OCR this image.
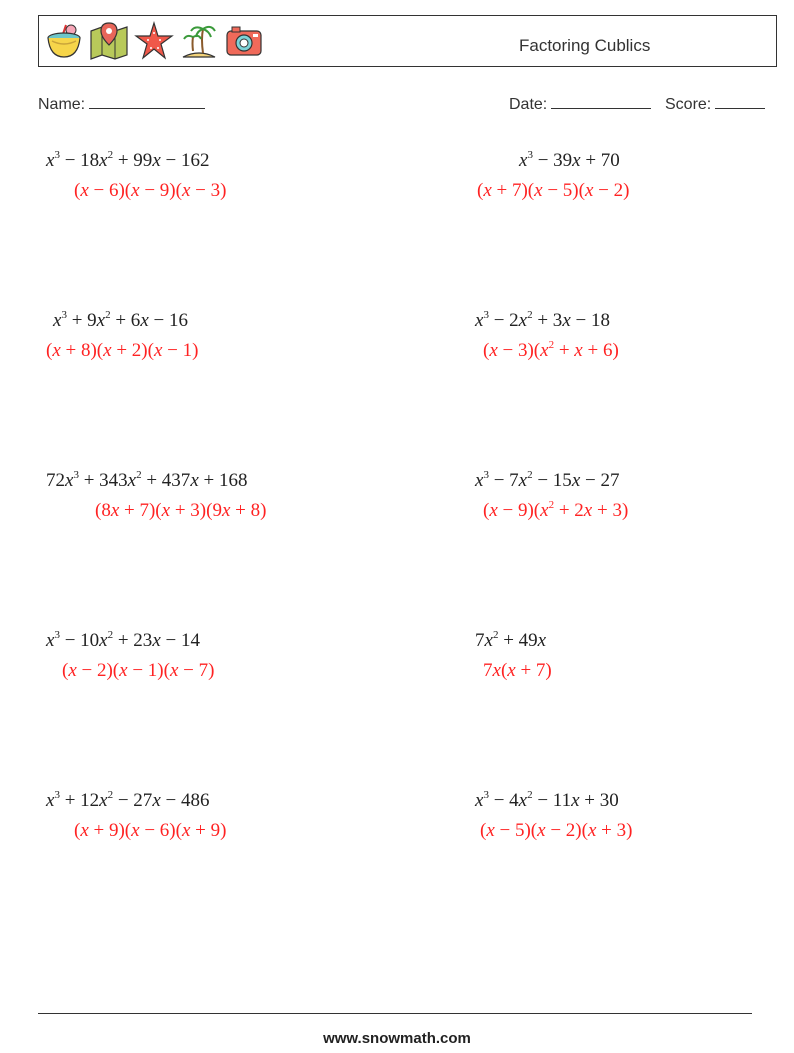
Factoring Cublics
Name:	Date:	Score:
$x^3 - 18x^2 + 99x - 162$
(x − 6)(x − 9)(x − 3)
$x^3 - 39x + 70$
(x + 7)(x − 5)(x − 2)
$x^3 + 9x^2 + 6x - 16$
(x + 8)(x + 2)(x − 1)
$x^3 - 2x^2 + 3x - 18$
$(x - 3)(x^2 + x + 6)$
$72x^3 + 343x^2 + 437x + 168$
(8x + 7)(x + 3)(9x + 8)
$x^3 - 7x^2 - 15x - 27$
$(x - 9)(x^2 + 2x + 3)$
$x^3 - 10x^2 + 23x - 14$
(x − 2)(x − 1)(x − 7)
$7x^2 + 49x$
7x(x + 7)
$x^3 + 12x^2 - 27x - 486$
(x + 9)(x − 6)(x + 9)
$x^3 - 4x^2 - 11x + 30$
(x − 5)(x − 2)(x + 3)
www.snowmath.com
